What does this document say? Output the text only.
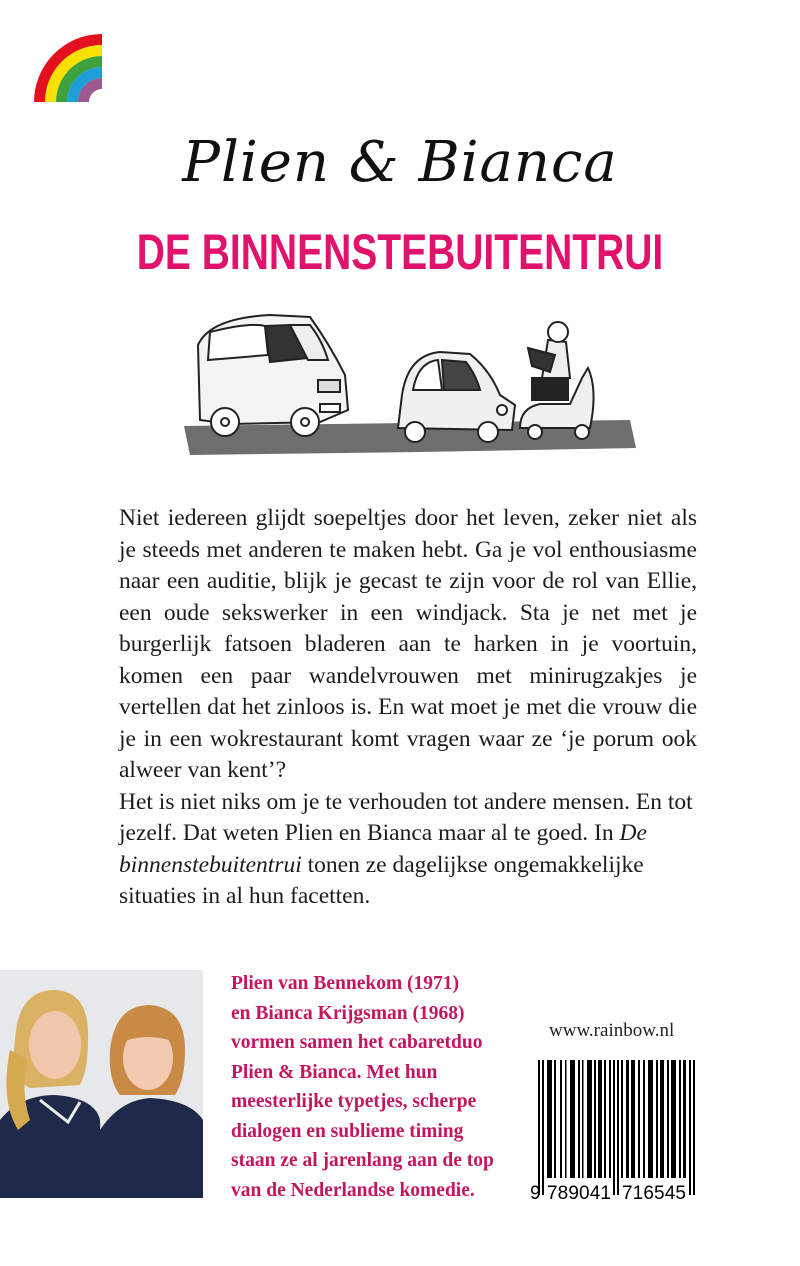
Plien & Bianca
DE BINNENSTEBUITENTRUI

Niet iedereen glijdt soepeltjes door het leven, zeker niet als je steeds met anderen te maken hebt. Ga je vol enthousiasme naar een auditie, blijk je gecast te zijn voor de rol van Ellie, een oude sekswerker in een windjack. Sta je net met je burgerlijk fatsoen bladeren aan te harken in je voortuin, komen een paar wandelvrouwen met minirugzakjes je vertellen dat het zinloos is. En wat moet je met die vrouw die je in een wokrestaurant komt vragen waar ze ‘je porum ook alweer van kent’?

Het is niet niks om je te verhouden tot andere mensen. En tot jezelf. Dat weten Plien en Bianca maar al te goed. In De binnenstebuitentrui tonen ze dagelijkse ongemakkelijke situaties in al hun facetten.

Plien van Bennekom (1971)
en Bianca Krijgsman (1968)
vormen samen het cabaretduo
Plien & Bianca. Met hun
meesterlijke typetjes, scherpe
dialogen en sublieme timing
staan ze al jarenlang aan de top
van de Nederlandse komedie.
www.rainbow.nl
9 789041 716545
